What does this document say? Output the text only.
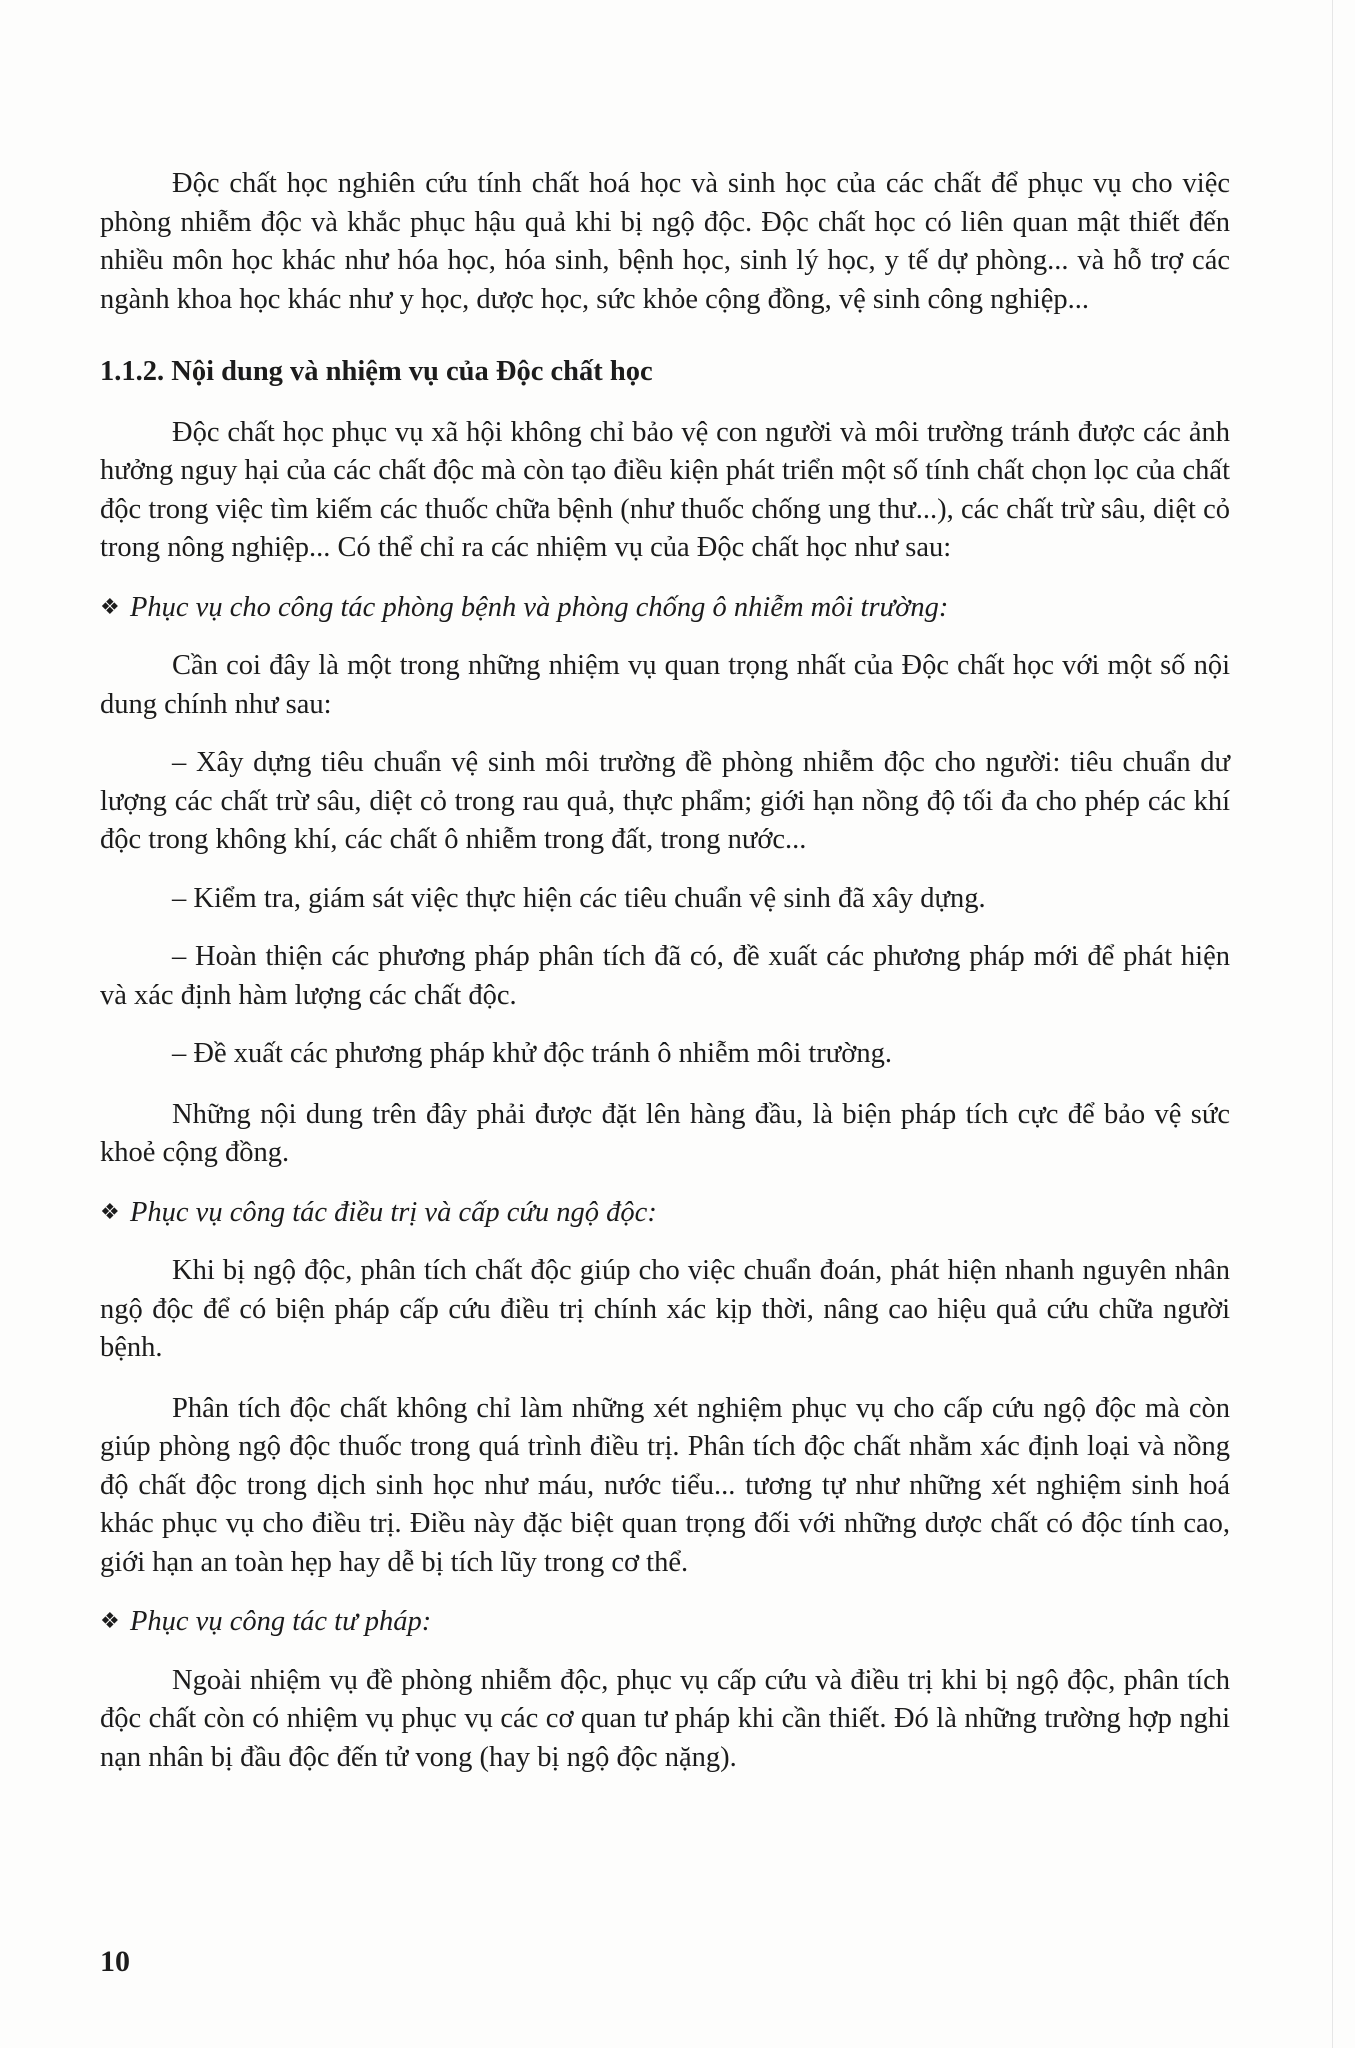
Độc chất học nghiên cứu tính chất hoá học và sinh học của các chất để phục vụ cho việc phòng nhiễm độc và khắc phục hậu quả khi bị ngộ độc. Độc chất học có liên quan mật thiết đến nhiều môn học khác như hóa học, hóa sinh, bệnh học, sinh lý học, y tế dự phòng... và hỗ trợ các ngành khoa học khác như y học, dược học, sức khỏe cộng đồng, vệ sinh công nghiệp...

1.1.2. Nội dung và nhiệm vụ của Độc chất học

Độc chất học phục vụ xã hội không chỉ bảo vệ con người và môi trường tránh được các ảnh hưởng nguy hại của các chất độc mà còn tạo điều kiện phát triển một số tính chất chọn lọc của chất độc trong việc tìm kiếm các thuốc chữa bệnh (như thuốc chống ung thư...), các chất trừ sâu, diệt cỏ trong nông nghiệp... Có thể chỉ ra các nhiệm vụ của Độc chất học như sau:

❖ Phục vụ cho công tác phòng bệnh và phòng chống ô nhiễm môi trường:

Cần coi đây là một trong những nhiệm vụ quan trọng nhất của Độc chất học với một số nội dung chính như sau:

– Xây dựng tiêu chuẩn vệ sinh môi trường đề phòng nhiễm độc cho người: tiêu chuẩn dư lượng các chất trừ sâu, diệt cỏ trong rau quả, thực phẩm; giới hạn nồng độ tối đa cho phép các khí độc trong không khí, các chất ô nhiễm trong đất, trong nước...

– Kiểm tra, giám sát việc thực hiện các tiêu chuẩn vệ sinh đã xây dựng.

– Hoàn thiện các phương pháp phân tích đã có, đề xuất các phương pháp mới để phát hiện và xác định hàm lượng các chất độc.

– Đề xuất các phương pháp khử độc tránh ô nhiễm môi trường.

Những nội dung trên đây phải được đặt lên hàng đầu, là biện pháp tích cực để bảo vệ sức khoẻ cộng đồng.

❖ Phục vụ công tác điều trị và cấp cứu ngộ độc:

Khi bị ngộ độc, phân tích chất độc giúp cho việc chuẩn đoán, phát hiện nhanh nguyên nhân ngộ độc để có biện pháp cấp cứu điều trị chính xác kịp thời, nâng cao hiệu quả cứu chữa người bệnh.

Phân tích độc chất không chỉ làm những xét nghiệm phục vụ cho cấp cứu ngộ độc mà còn giúp phòng ngộ độc thuốc trong quá trình điều trị. Phân tích độc chất nhằm xác định loại và nồng độ chất độc trong dịch sinh học như máu, nước tiểu... tương tự như những xét nghiệm sinh hoá khác phục vụ cho điều trị. Điều này đặc biệt quan trọng đối với những dược chất có độc tính cao, giới hạn an toàn hẹp hay dễ bị tích lũy trong cơ thể.

❖ Phục vụ công tác tư pháp:

Ngoài nhiệm vụ đề phòng nhiễm độc, phục vụ cấp cứu và điều trị khi bị ngộ độc, phân tích độc chất còn có nhiệm vụ phục vụ các cơ quan tư pháp khi cần thiết. Đó là những trường hợp nghi nạn nhân bị đầu độc đến tử vong (hay bị ngộ độc nặng).

10
